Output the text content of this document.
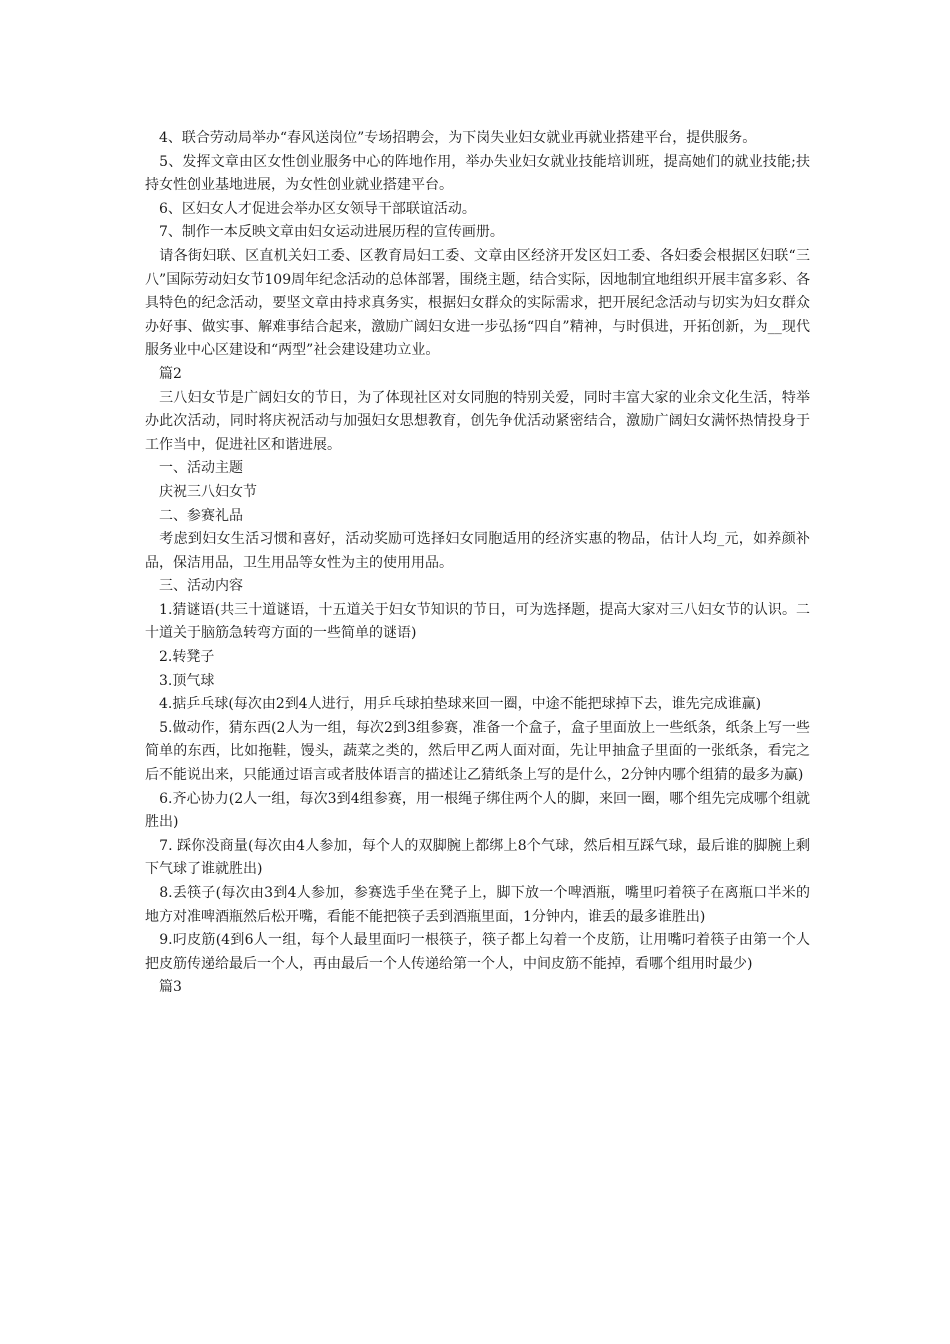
　4、联合劳动局举办“春风送岗位”专场招聘会，为下岗失业妇女就业再就业搭建平台，提供服务。

　5、发挥文章由区女性创业服务中心的阵地作用，举办失业妇女就业技能培训班，提高她们的就业技能;扶持女性创业基地进展，为女性创业就业搭建平台。

　6、区妇女人才促进会举办区女领导干部联谊活动。

　7、制作一本反映文章由妇女运动进展历程的宣传画册。

　请各街妇联、区直机关妇工委、区教育局妇工委、文章由区经济开发区妇工委、各妇委会根据区妇联“三八”国际劳动妇女节109周年纪念活动的总体部署，围绕主题，结合实际，因地制宜地组织开展丰富多彩、各具特色的纪念活动，要坚文章由持求真务实，根据妇女群众的实际需求，把开展纪念活动与切实为妇女群众办好事、做实事、解难事结合起来，激励广阔妇女进一步弘扬“四自”精神，与时俱进，开拓创新，为__现代服务业中心区建设和“两型”社会建设建功立业。

　篇2

　三八妇女节是广阔妇女的节日，为了体现社区对女同胞的特别关爱，同时丰富大家的业余文化生活，特举办此次活动，同时将庆祝活动与加强妇女思想教育，创先争优活动紧密结合，激励广阔妇女满怀热情投身于工作当中，促进社区和谐进展。

　一、活动主题

　庆祝三八妇女节

　二、参赛礼品

　考虑到妇女生活习惯和喜好，活动奖励可选择妇女同胞适用的经济实惠的物品，估计人均_元，如养颜补品，保洁用品，卫生用品等女性为主的使用用品。

　三、活动内容

　1.猜谜语(共三十道谜语，十五道关于妇女节知识的节日，可为选择题，提高大家对三八妇女节的认识。二十道关于脑筋急转弯方面的一些简单的谜语)

　2.转凳子

　3.顶气球

　4.掂乒乓球(每次由2到4人进行，用乒乓球拍垫球来回一圈，中途不能把球掉下去，谁先完成谁赢)

　5.做动作，猜东西(2人为一组，每次2到3组参赛，准备一个盒子，盒子里面放上一些纸条，纸条上写一些简单的东西，比如拖鞋，馒头，蔬菜之类的，然后甲乙两人面对面，先让甲抽盒子里面的一张纸条，看完之后不能说出来，只能通过语言或者肢体语言的描述让乙猜纸条上写的是什么，2分钟内哪个组猜的最多为赢)

　6.齐心协力(2人一组，每次3到4组参赛，用一根绳子绑住两个人的脚，来回一圈，哪个组先完成哪个组就胜出)

　7. 踩你没商量(每次由4人参加，每个人的双脚腕上都绑上8个气球，然后相互踩气球，最后谁的脚腕上剩下气球了谁就胜出)

　8.丢筷子(每次由3到4人参加，参赛选手坐在凳子上，脚下放一个啤酒瓶，嘴里叼着筷子在离瓶口半米的地方对准啤酒瓶然后松开嘴，看能不能把筷子丢到酒瓶里面，1分钟内，谁丢的最多谁胜出)

　9.叼皮筋(4到6人一组，每个人最里面叼一根筷子，筷子都上勾着一个皮筋，让用嘴叼着筷子由第一个人把皮筋传递给最后一个人，再由最后一个人传递给第一个人，中间皮筋不能掉，看哪个组用时最少)

　篇3
